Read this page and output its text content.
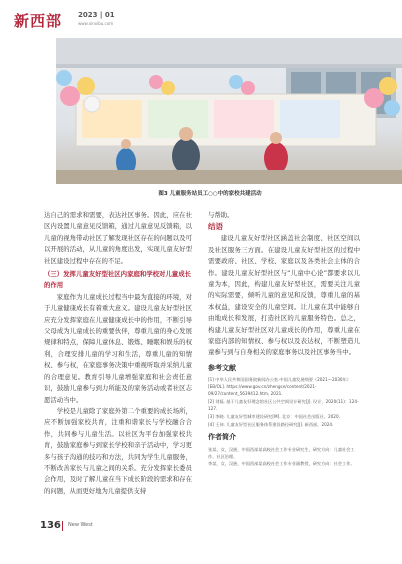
新西部 2023 | 01
www.xinxibu.com
图3 儿童服务站员工○○中的家校共建活动

达自己的需求和需要，表达社区事务。因此，应在社区内设置儿童意见反馈箱，通过儿童意见反馈箱，以儿童的视角带动社区了解发现社区存在的问题以及可以开展的活动，从儿童的角度出发，实现儿童友好型社区建设过程中存在的不足。

（三）发挥儿童友好型社区内家庭和学校对儿童成长的作用

家庭作为儿童成长过程当中最为直接的环境，对于儿童健康成长有着重大意义。建设儿童友好型社区应充分发挥家庭在儿童健康成长中的作用，不断引导父母成为儿童成长的重要伙伴，尊重儿童的身心发展规律和特点，保障儿童休息、锻炼、睡眠和娱乐的权利，合理安排儿童的学习和生活，尊重儿童的知情权、参与权，在家庭事务决策中重视听取并采纳儿童的合理意见。教育引导儿童增强家庭和社会责任意识，鼓励儿童参与到力所能及的家务活动或者社区志愿活动当中。

学校是儿童除了家庭外第二个重要的成长场所，应不断加强家校共育，注重和谐家长与学校融合合作，共同参与儿童生活。以社区为平台加强家校共育，鼓励家庭参与到家长学校和亲子活动中，学习更多与孩子沟通的技巧和方法，共同为学生儿童服务，不断改善家长与儿童之间的关系。充分发挥家长委员会作用，及时了解儿童在当下成长阶段的需求和存在的问题，从而更好地为儿童提供支持

与帮助。

结语

建设儿童友好型社区涵盖社会制度、社区空间以及社区服务三方面。在建设儿童友好型社区的过程中需要政府、社区、学校、家庭以及各类社会主体的合作。建设儿童友好型社区与“儿童中心论”都要求以儿童为本，因此，构建儿童友好型社区，需要关注儿童的实际需要，倾听儿童的意见和反馈，尊重儿童的基本权益，建设安全的儿童空间。让儿童在其中能够自由地成长和发展，打造社区的儿童服务特色。总之，构建儿童友好型社区对儿童成长的作用，尊重儿童在家庭内部的知情权、参与权以及表达权，不断塑造儿童参与到与自身相关的家庭事务以及社区事务当中。

参考文献

[1] 中华人民共和国国务院新闻办公室.中国儿童发展纲要（2021—2030年）[EB/OL]. https://www.gov.cn/zhengce/content/2021-09/27/content_5639412.htm, 2021.

[2] 刘磊. 基于儿童友好理念的社区公共空间设计研究[J]. 设计，2020(11)：124-127.

[3] 李晓. 儿童友好型城市建设研究[M]. 北京：中国社会出版社，2020.

[4] 王伟. 儿童友好型社区服务体系建设路径研究[J]. 新西部，2024.

作者简介

张某，女，汉族，中国西部某高校社会工作专业研究生，研究方向：儿童社会工作、社区治理。

李某，女，汉族，中国西部某高校社会工作专业副教授，研究方向：社会工作。

136 New West
